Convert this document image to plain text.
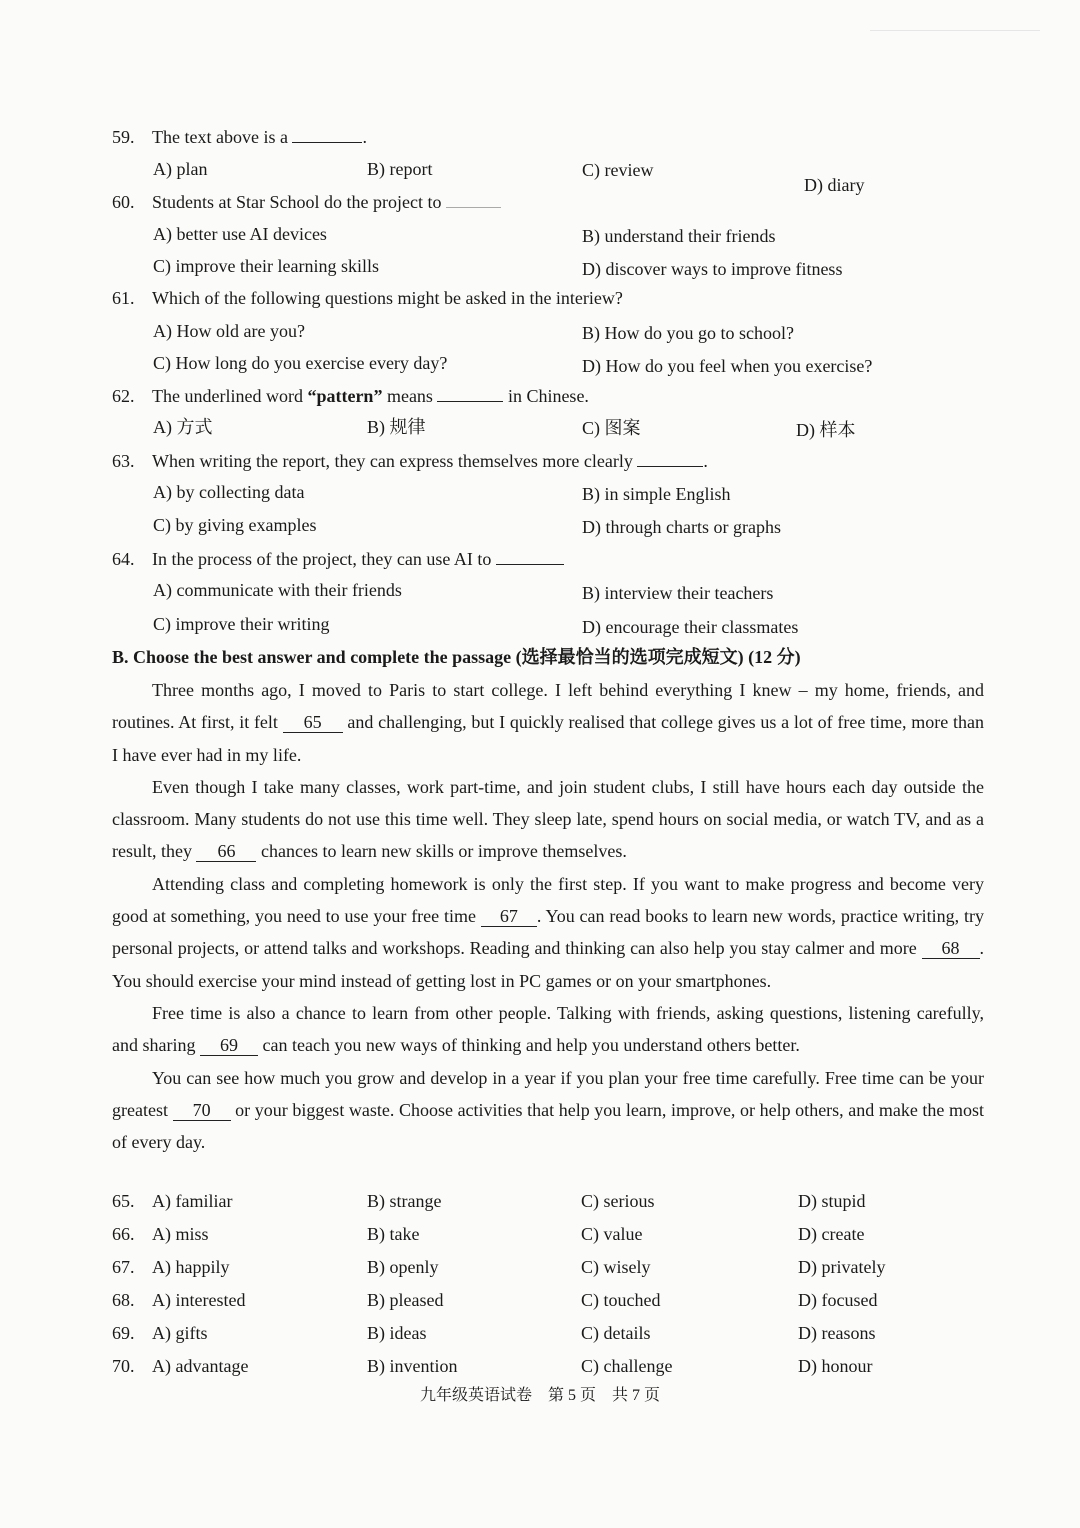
59. The text above is a	.
A) plan	B) report	C) review
D) diary
60. Students at Star School do the project to
A) better use AI devices	B) understand their friends
C) improve their learning skills	D) discover ways to improve fitness
61. Which of the following questions might be asked in the interiew?
A) How old are you?	B) How do you go to school?
C) How long do you exercise every day?	D) How do you feel when you exercise?
62. The underlined word “pattern” means	in Chinese.
A) 方式	B) 规律	C) 图案	D) 样本
63. When writing the report, they can express themselves more clearly	.
A) by collecting data	B) in simple English
C) by giving examples	D) through charts or graphs
64. In the process of the project, they can use AI to
A) communicate with their friends	B) interview their teachers
C) improve their writing	D) encourage their classmates
B. Choose the best answer and complete the passage (选择最恰当的选项完成短文) (12 分)

Three months ago, I moved to Paris to start college. I left behind everything I knew – my home, friends, and routines. At first, it felt 65 and challenging, but I quickly realised that college gives us a lot of free time, more than I have ever had in my life.

Even though I take many classes, work part-time, and join student clubs, I still have hours each day outside the classroom. Many students do not use this time well. They sleep late, spend hours on social media, or watch TV, and as a result, they 66 chances to learn new skills or improve themselves.

Attending class and completing homework is only the first step. If you want to make progress and become very good at something, you need to use your free time 67 . You can read books to learn new words, practice writing, try personal projects, or attend talks and workshops. Reading and thinking can also help you stay calmer and more 68 . You should exercise your mind instead of getting lost in PC games or on your smartphones.

Free time is also a chance to learn from other people. Talking with friends, asking questions, listening carefully, and sharing 69 can teach you new ways of thinking and help you understand others better.

You can see how much you grow and develop in a year if you plan your free time carefully. Free time can be your greatest 70 or your biggest waste. Choose activities that help you learn, improve, or help others, and make the most of every day.

65. A) familiar	B) strange	C) serious	D) stupid
66. A) miss	B) take	C) value	D) create
67. A) happily	B) openly	C) wisely	D) privately
68. A) interested	B) pleased	C) touched	D) focused
69. A) gifts	B) ideas	C) details	D) reasons
70. A) advantage	B) invention	C) challenge	D) honour
九年级英语试卷 第 5 页 共 7 页
